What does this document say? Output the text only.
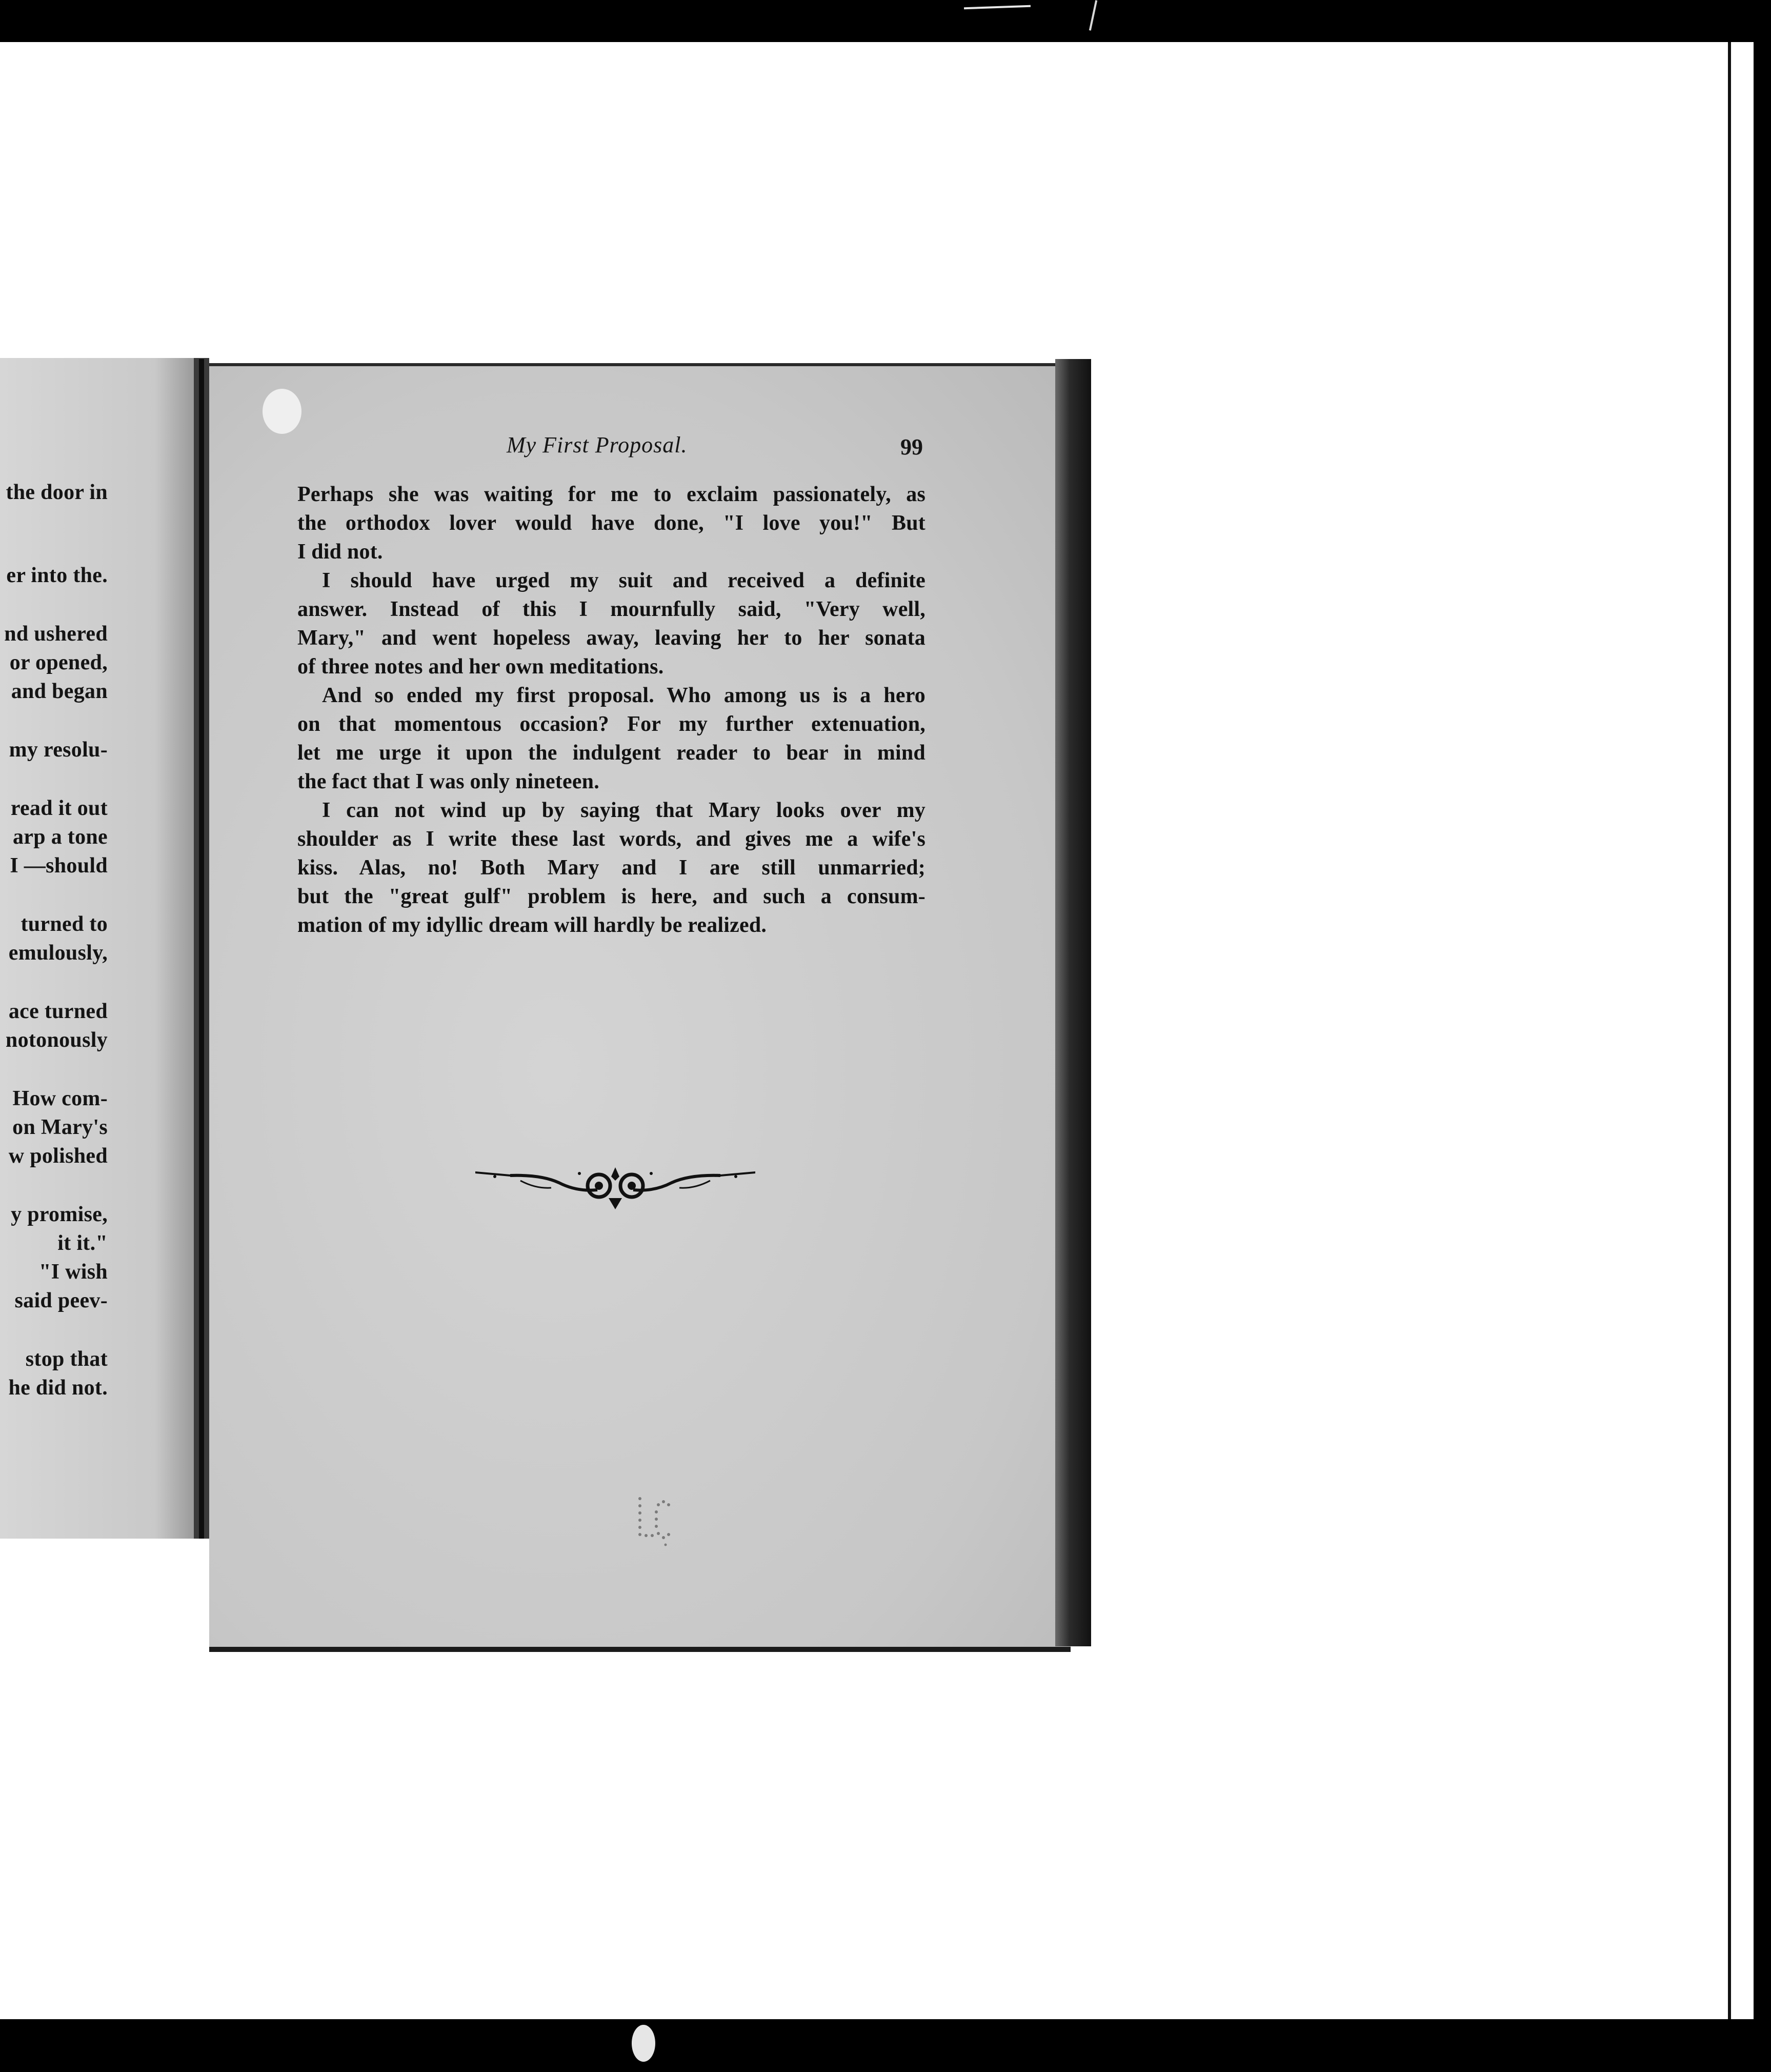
the door in
er into the.
nd ushered
or opened,
and began
my resolu-
read it out
arp a tone
I —should
turned to
emulously,
ace turned
notonously
How com-
on Mary's
w polished
y promise,
it it."
"I wish
said peev-
stop that
he did not.
My First Proposal.	99
Perhaps she was waiting for me to exclaim passionately, as
the orthodox lover would have done, "I love you!" But
I did not.
I should have urged my suit and received a definite
answer. Instead of this I mournfully said, "Very well,
Mary," and went hopeless away, leaving her to her sonata
of three notes and her own meditations.
And so ended my first proposal. Who among us is a hero
on that momentous occasion? For my further extenuation,
let me urge it upon the indulgent reader to bear in mind
the fact that I was only nineteen.
I can not wind up by saying that Mary looks over my
shoulder as I write these last words, and gives me a wife's
kiss. Alas, no! Both Mary and I are still unmarried;
but the "great gulf" problem is here, and such a consum-
mation of my idyllic dream will hardly be realized.
